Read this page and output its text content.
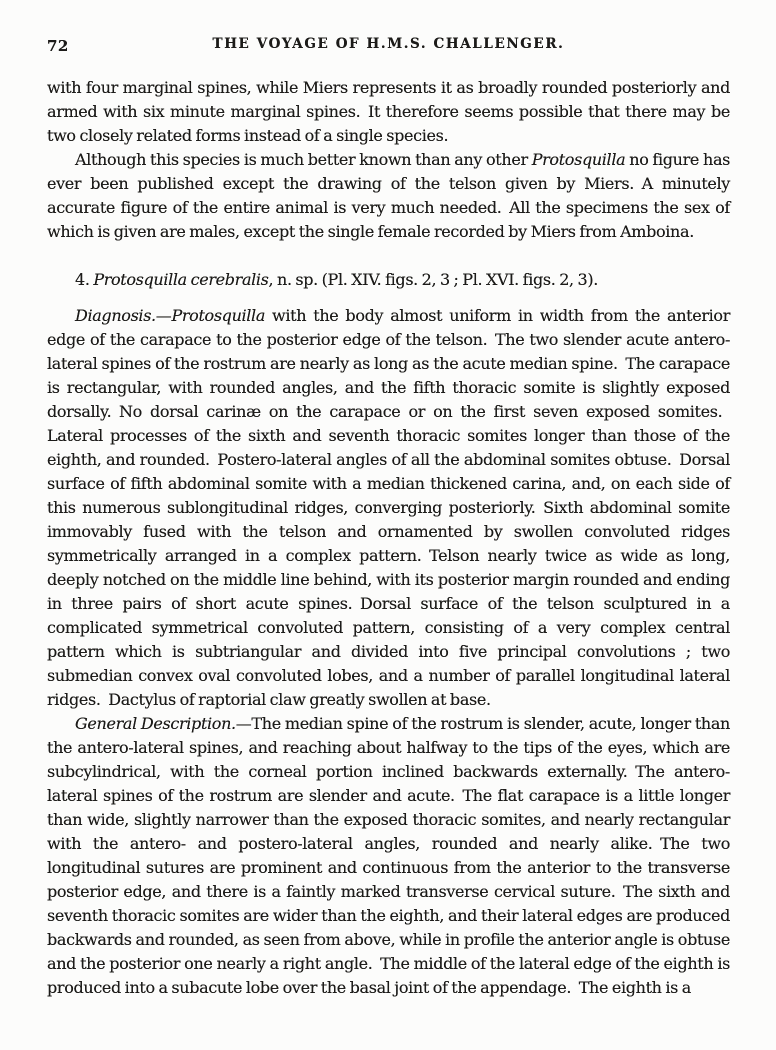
72	THE VOYAGE OF H.M.S. CHALLENGER.

with four marginal spines, while Miers represents it as broadly rounded posteriorly and armed with six minute marginal spines. It therefore seems possible that there may be two closely related forms instead of a single species.

Although this species is much better known than any other Protosquilla no figure has ever been published except the drawing of the telson given by Miers. A minutely accurate figure of the entire animal is very much needed. All the specimens the sex of which is given are males, except the single female recorded by Miers from Amboina.

4. Protosquilla cerebralis, n. sp. (Pl. XIV. figs. 2, 3 ; Pl. XVI. figs. 2, 3).

Diagnosis.—Protosquilla with the body almost uniform in width from the anterior edge of the carapace to the posterior edge of the telson. The two slender acute antero-lateral spines of the rostrum are nearly as long as the acute median spine. The carapace is rectangular, with rounded angles, and the fifth thoracic somite is slightly exposed dorsally. No dorsal carinæ on the carapace or on the first seven exposed somites. Lateral processes of the sixth and seventh thoracic somites longer than those of the eighth, and rounded. Postero-lateral angles of all the abdominal somites obtuse. Dorsal surface of fifth abdominal somite with a median thickened carina, and, on each side of this numerous sublongitudinal ridges, converging posteriorly. Sixth abdominal somite immovably fused with the telson and ornamented by swollen convoluted ridges symmetrically arranged in a complex pattern. Telson nearly twice as wide as long, deeply notched on the middle line behind, with its posterior margin rounded and ending in three pairs of short acute spines. Dorsal surface of the telson sculptured in a complicated symmetrical convoluted pattern, consisting of a very complex central pattern which is subtriangular and divided into five principal convolutions ; two submedian convex oval convoluted lobes, and a number of parallel longitudinal lateral ridges. Dactylus of raptorial claw greatly swollen at base.

General Description.—The median spine of the rostrum is slender, acute, longer than the antero-lateral spines, and reaching about halfway to the tips of the eyes, which are subcylindrical, with the corneal portion inclined backwards externally. The antero-lateral spines of the rostrum are slender and acute. The flat carapace is a little longer than wide, slightly narrower than the exposed thoracic somites, and nearly rectangular with the antero- and postero-lateral angles, rounded and nearly alike. The two longitudinal sutures are prominent and continuous from the anterior to the transverse posterior edge, and there is a faintly marked transverse cervical suture. The sixth and seventh thoracic somites are wider than the eighth, and their lateral edges are produced backwards and rounded, as seen from above, while in profile the anterior angle is obtuse and the posterior one nearly a right angle. The middle of the lateral edge of the eighth is produced into a subacute lobe over the basal joint of the appendage. The eighth is a
